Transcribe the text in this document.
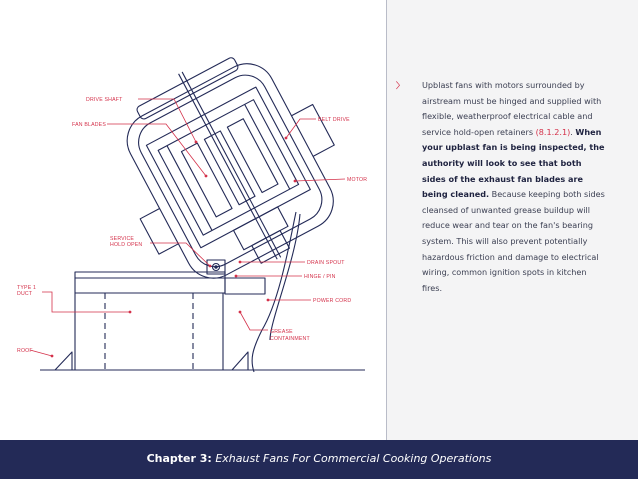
DRIVE SHAFT
FAN BLADES
BELT DRIVE
MOTOR
SERVICE
HOLD OPEN
DRAIN SPOUT
HINGE / PIN
TYPE 1
DUCT
POWER CORD
GREASE
CONTAINMENT
ROOF
〉	Upblast fans with motors surrounded by airstream must be hinged and supplied with flexible, weatherproof electrical cable and service hold-open retainers (8.1.2.1). When your upblast fan is being inspected, the authority will look to see that both sides of the exhaust fan blades are being cleaned. Because keeping both sides cleansed of unwanted grease buildup will reduce wear and tear on the fan's bearing system. This will also prevent potentially hazardous friction and damage to electrical wiring, common ignition spots in kitchen fires.
Chapter 3: Exhaust Fans For Commercial Cooking Operations
